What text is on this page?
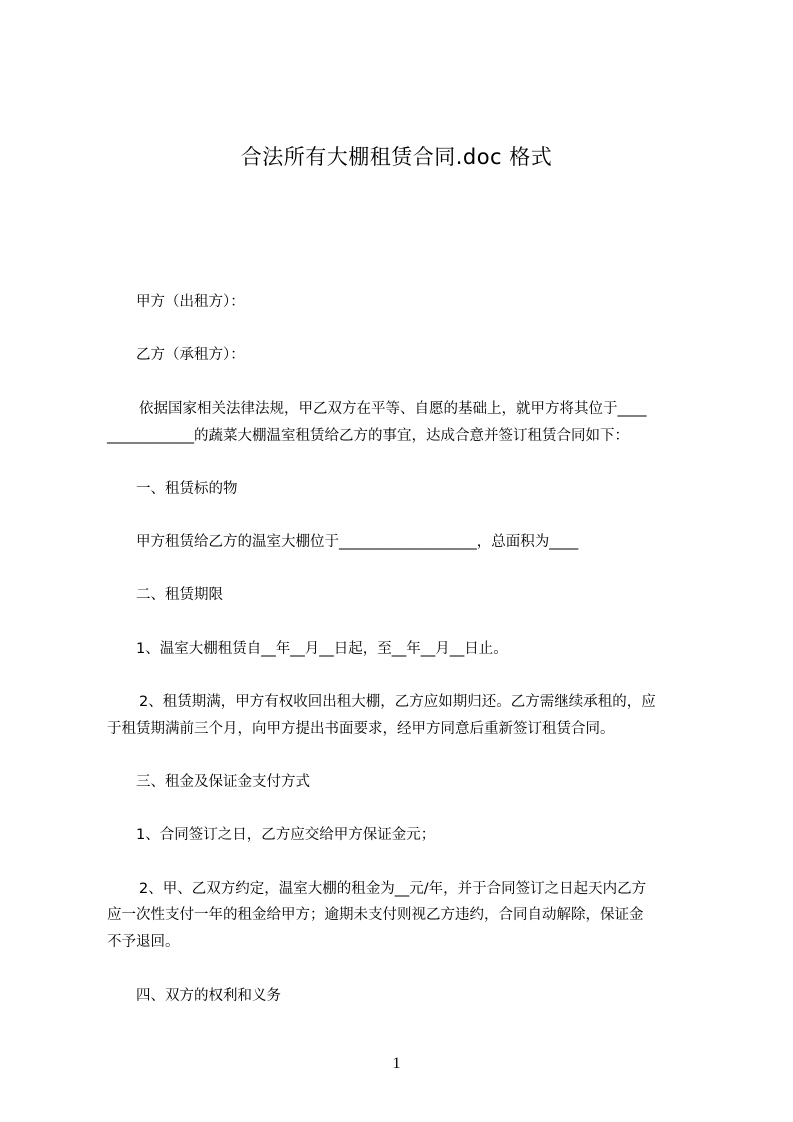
合法所有大棚租赁合同.doc 格式
甲方（出租方）：
乙方（承租方）：
依据国家相关法律法规，甲乙双方在平等、自愿的基础上，就甲方将其位于____
____________的蔬菜大棚温室租赁给乙方的事宜，达成合意并签订租赁合同如下：
一、租赁标的物
甲方租赁给乙方的温室大棚位于___________________，总面积为____
二、租赁期限
1、温室大棚租赁自__年__月__日起，至__年__月__日止。
2、租赁期满，甲方有权收回出租大棚，乙方应如期归还。乙方需继续承租的，应
于租赁期满前三个月，向甲方提出书面要求，经甲方同意后重新签订租赁合同。
三、租金及保证金支付方式
1、合同签订之日，乙方应交给甲方保证金元；
2、甲、乙双方约定，温室大棚的租金为__元/年，并于合同签订之日起天内乙方
应一次性支付一年的租金给甲方；逾期未支付则视乙方违约，合同自动解除，保证金
不予退回。
四、双方的权利和义务
1
